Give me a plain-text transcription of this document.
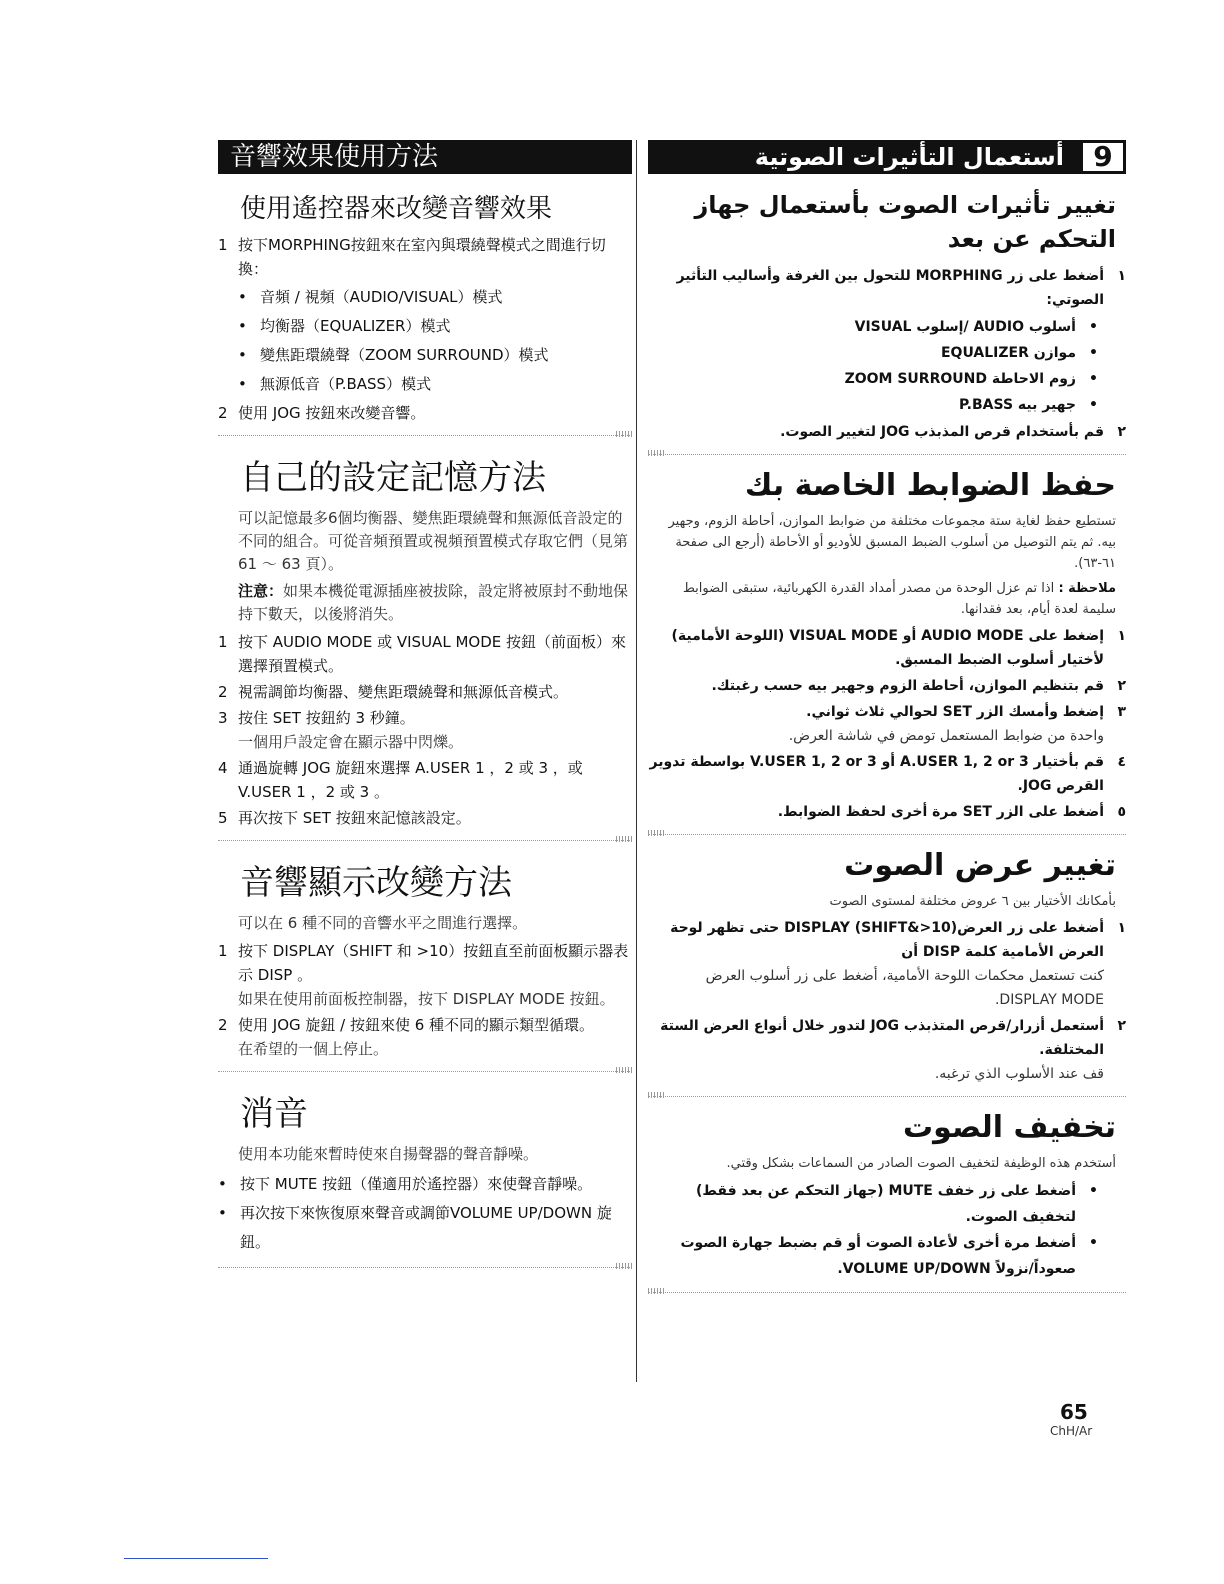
音響效果使用方法
使用遙控器來改變音響效果
1 按下MORPHING按鈕來在室內與環繞聲模式之間進行切換：
• 音頻 / 視頻（AUDIO/VISUAL）模式
• 均衡器（EQUALIZER）模式
• 變焦距環繞聲（ZOOM SURROUND）模式
• 無源低音（P.BASS）模式
2 使用 JOG 按鈕來改變音響。
自己的設定記憶方法

可以記憶最多6個均衡器、變焦距環繞聲和無源低音設定的不同的組合。可從音頻預置或視頻預置模式存取它們（見第 61 ～ 63 頁）。

注意：如果本機從電源插座被拔除，設定將被原封不動地保持下數天，以後將消失。

1 按下 AUDIO MODE 或 VISUAL MODE 按鈕（前面板）來選擇預置模式。
2 視需調節均衡器、變焦距環繞聲和無源低音模式。
3 按住 SET 按鈕約 3 秒鐘。
一個用戶設定會在顯示器中閃爍。
4 通過旋轉 JOG 旋鈕來選擇 A.USER 1 ，2 或 3 ，或 V.USER 1 ，2 或 3 。
5 再次按下 SET 按鈕來記憶該設定。
音響顯示改變方法

可以在 6 種不同的音響水平之間進行選擇。

1 按下 DISPLAY（SHIFT 和 >10）按鈕直至前面板顯示器表示 DISP 。
如果在使用前面板控制器，按下 DISPLAY MODE 按鈕。
2 使用 JOG 旋鈕 / 按鈕來使 6 種不同的顯示類型循環。
在希望的一個上停止。
消音

使用本功能來暫時使來自揚聲器的聲音靜噪。

• 按下 MUTE 按鈕（僅適用於遙控器）來使聲音靜噪。
• 再次按下來恢復原來聲音或調節VOLUME UP/DOWN 旋鈕。
9
أستعمال التأثيرات الصوتية
تغيير تأثيرات الصوت بأستعمال جهاز التحكم عن بعد
١
أضغط على زر MORPHING للتحول بين الغرفة وأساليب التأثير الصوتي:
•
أسلوب AUDIO /إسلوب VISUAL
•
موازن EQUALIZER
•
زوم الاحاطة ZOOM SURROUND
•
جهير بيه P.BASS
٢
قم بأستخدام قرص المذبذب JOG لتغيير الصوت.
حفظ الضوابط الخاصة بك

تستطيع حفظ لغاية ستة مجموعات مختلفة من ضوابط الموازن، أحاطة الزوم، وجهير بيه. ثم يتم التوصيل من أسلوب الضبط المسبق للأوديو أو الأحاطة (أرجع الى صفحة ٦١-٦٣).

ملاحظة : اذا تم عزل الوحدة من مصدر أمداد القدرة الكهربائية، ستبقى الضوابط سليمة لعدة أيام، بعد فقدانها.

١
إضغط على AUDIO MODE أو VISUAL MODE (اللوحة الأمامية) لأختيار أسلوب الضبط المسبق.
٢
قم بتنظيم الموازن، أحاطة الزوم وجهير بيه حسب رغبتك.
٣
إضغط وأمسك الزر SET لحوالي ثلاث ثواني.
واحدة من ضوابط المستعمل تومض في شاشة العرض.
٤
قم بأختيار A.USER 1, 2 or 3 أو V.USER 1, 2 or 3 بواسطة تدوير القرص JOG.
٥
أضغط على الزر SET مرة أخرى لحفظ الضوابط.
تغيير عرض الصوت

بأمكانك الأختيار بين ٦ عروض مختلفة لمستوى الصوت

١
أضغط على زر العرض(DISPLAY (SHIFT&>10 حتى تظهر لوحة العرض الأمامية كلمة DISP أن
كنت تستعمل محكمات اللوحة الأمامية، أضغط على زر أسلوب العرض DISPLAY MODE.
٢
أستعمل أزرار/قرص المتذبذب JOG لتدور خلال أنواع العرض الستة المختلفة.
قف عند الأسلوب الذي ترغبه.
تخفيف الصوت

أستخدم هذه الوظيفة لتخفيف الصوت الصادر من السماعات بشكل وقتي.

•
أضغط على زر خفف MUTE (جهاز التحكم عن بعد فقط) لتخفيف الصوت.
•
أضغط مرة أخرى لأعادة الصوت أو قم بضبط جهارة الصوت صعوداً/نزولاً VOLUME UP/DOWN.
65
ChH/Ar
